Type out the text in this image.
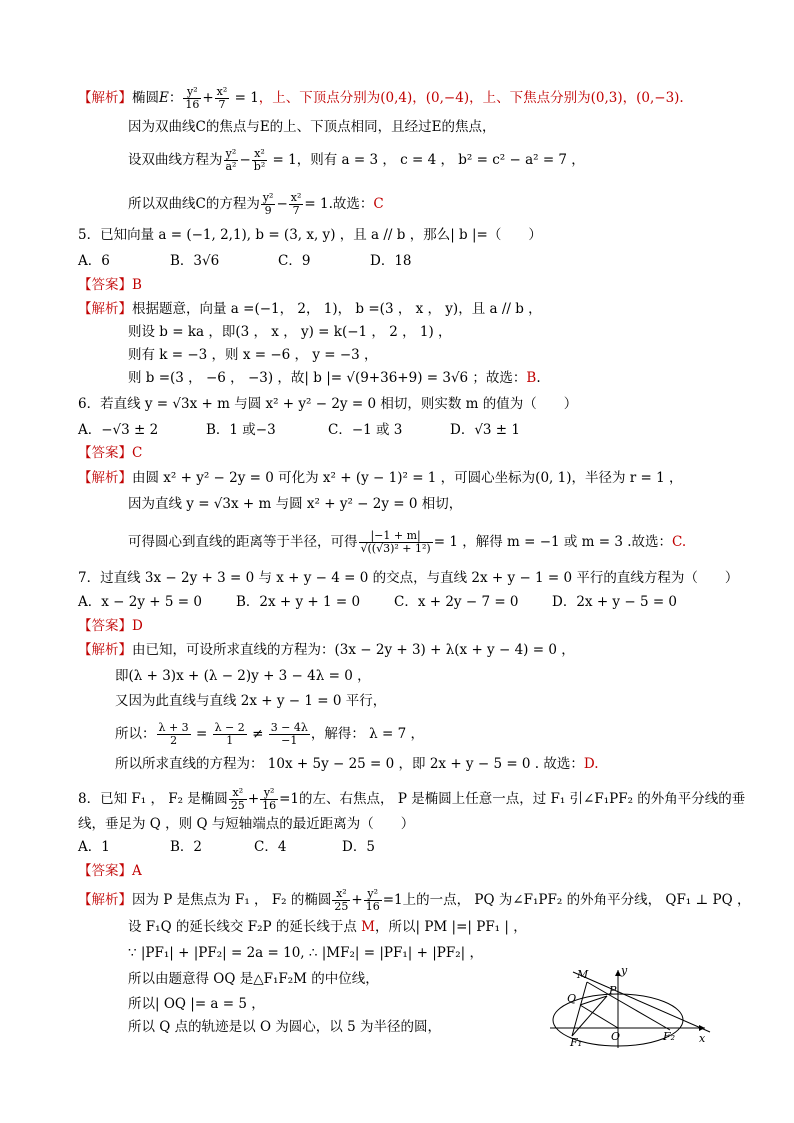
【解析】椭圆E： $\frac{\text{y²}}{16} + \frac{\text{x²}}{7} = 1$，上、下顶点分别为(0,4)，(0,−4)，上、下焦点分别为(0,3)，(0,−3).
因为双曲线C的焦点与E的上、下顶点相同，且经过E的焦点，
设双曲线方程为 $\frac{\text{y²}}{\text{a²}} - \frac{\text{x²}}{\text{b²}} = 1$，则有 a = 3 ， c = 4 ， b² = c² − a² = 7 ，
所以双曲线C的方程为 $\frac{\text{y²}}{9} - \frac{\text{x²}}{7} = 1$.故选：C
5．已知向量 a = (−1, 2,1), b = (3, x, y) ，且 a // b ，那么| b |=（　　）
A．6	B．3√6	C．9	D．18
【答案】B
【解析】根据题意，向量 a =(−1， 2， 1)， b =(3 ， x ， y)，且 a // b ，
则设 b = ka ，即(3 ， x ， y) = k(−1 ， 2 ， 1) ，
则有 k = −3 ，则 x = −6 ， y = −3 ，
则 b =(3 ， −6 ， −3) ，故| b |= √(9+36+9) = 3√6 ；故选：B.
6．若直线 y = √3x + m 与圆 x² + y² − 2y = 0 相切，则实数 m 的值为（　　）
A．−√3 ± 2	B．1 或−3	C．−1 或 3	D．√3 ± 1
【答案】C
【解析】由圆 x² + y² − 2y = 0 可化为 x² + (y − 1)² = 1 ，可圆心坐标为(0, 1)，半径为 r = 1 ，
因为直线 y = √3x + m 与圆 x² + y² − 2y = 0 相切，
可得圆心到直线的距离等于半径，可得 $\frac{|-1 + m|}{\text{√((√3)² + 1²)}} = 1$ ，解得 m = −1 或 m = 3 .故选：C.
7．过直线 3x − 2y + 3 = 0 与 x + y − 4 = 0 的交点，与直线 2x + y − 1 = 0 平行的直线方程为（　　）
A．x − 2y + 5 = 0	B．2x + y + 1 = 0	C．x + 2y − 7 = 0 D．2x + y − 5 = 0
【答案】D
【解析】由已知，可设所求直线的方程为：(3x − 2y + 3) + λ(x + y − 4) = 0 ，
即(λ + 3)x + (λ − 2)y + 3 − 4λ = 0 ，
又因为此直线与直线 2x + y − 1 = 0 平行，
所以： $\frac{\lambda + 3}{2} = \frac{\lambda - 2}{1} \ne \frac{3 - 4\lambda}{-1}$ ，解得： λ = 7 ，
所以所求直线的方程为： 10x + 5y − 25 = 0 ，即 2x + y − 5 = 0 . 故选：D.
8．已知 F₁ ， F₂ 是椭圆 $\frac{\text{x²}}{25} + \frac{\text{y²}}{16} =1$的左、右焦点， P 是椭圆上任意一点，过 F₁ 引∠F₁PF₂ 的外角平分线的垂
线，垂足为 Q ，则 Q 与短轴端点的最近距离为（　　）
A．1	B．2	C．4	D．5
【答案】A
【解析】因为 P 是焦点为 F₁ ， F₂ 的椭圆 $\frac{\text{x²}}{25} + \frac{\text{y²}}{16} =1$上的一点， PQ 为∠F₁PF₂ 的外角平分线， QF₁ ⊥ PQ ，
设 F₁Q 的延长线交 F₂P 的延长线于点 M，所以| PM |=| PF₁ | ，
∵ |PF₁| + |PF₂| = 2a = 10, ∴ |MF₂| = |PF₁| + |PF₂| ，
所以由题意得 OQ 是△F₁F₂M 的中位线，
所以| OQ |= a = 5 ，
所以 Q 点的轨迹是以 O 为圆心，以 5 为半径的圆，
M	y
Q
P
F₁	O	F₂ x
